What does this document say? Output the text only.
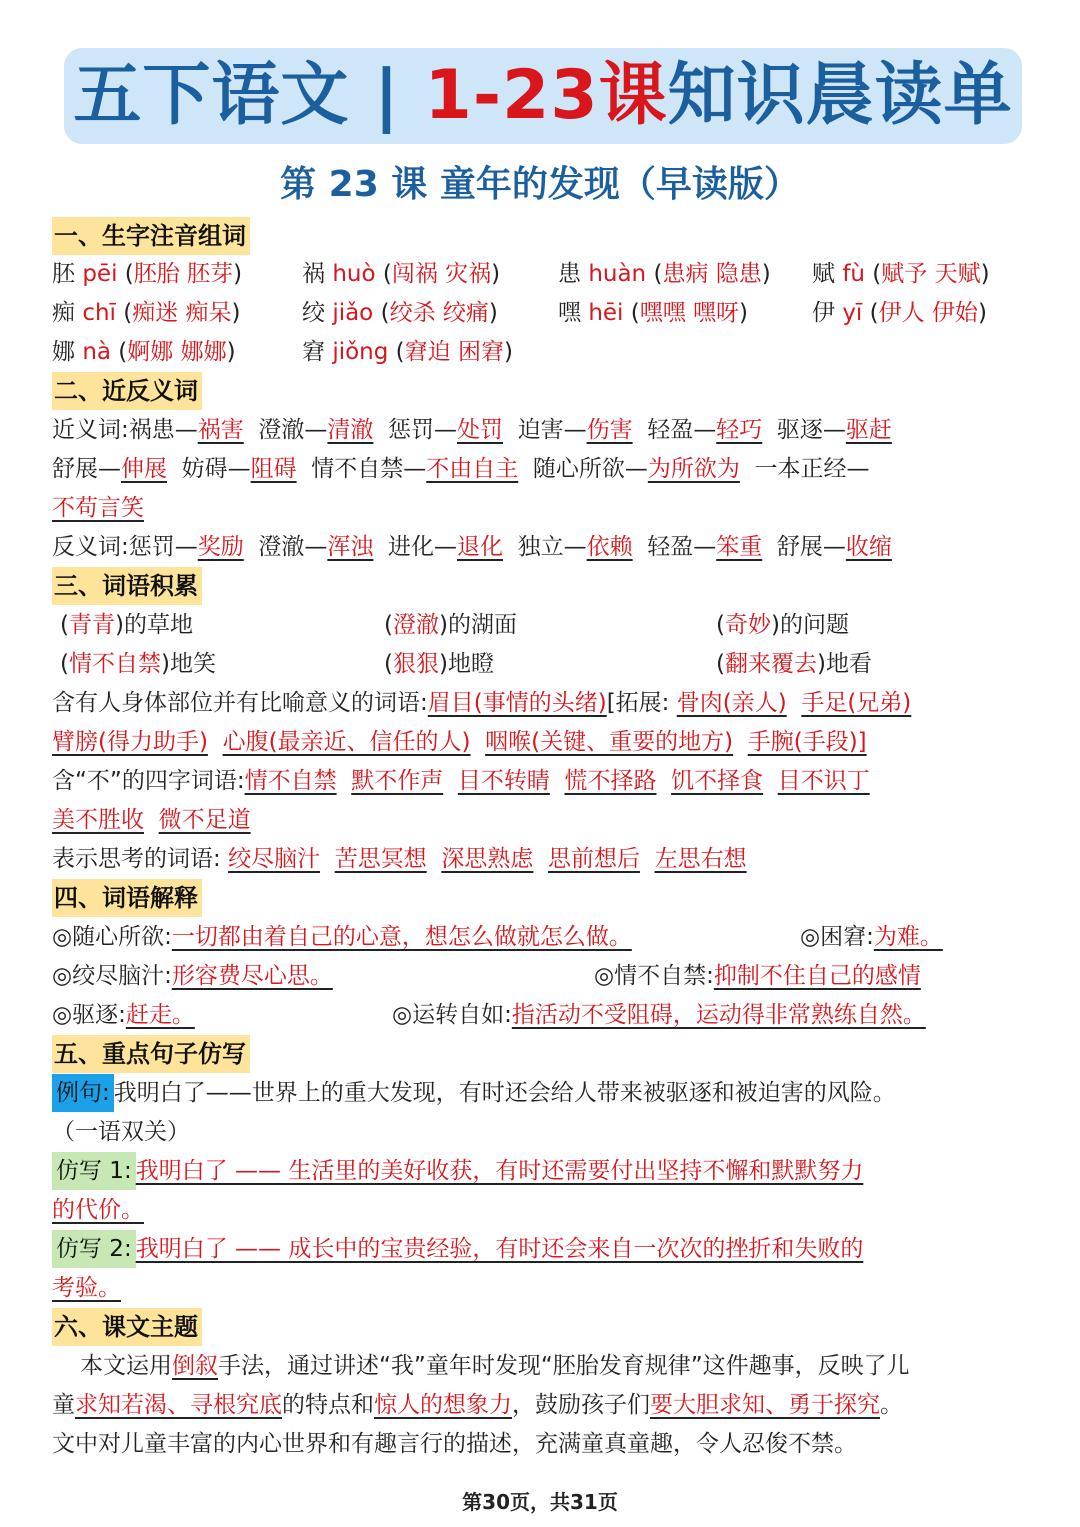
五下语文 | 1-23课知识晨读单
第 23 课 童年的发现（早读版）
一、生字注音组词
胚 pēi (胚胎 胚芽)	祸 huò (闯祸 灾祸)	患 huàn (患病 隐患) 赋 fù (赋予 天赋)
痴 chī (痴迷 痴呆)	绞 jiǎo (绞杀 绞痛)	嘿 hēi (嘿嘿 嘿呀)	伊 yī (伊人 伊始)
娜 nà (婀娜 娜娜)	窘 jiǒng (窘迫 困窘)
二、近反义词
近义词:祸患—祸害 澄澈—清澈 惩罚—处罚 迫害—伤害 轻盈—轻巧 驱逐—驱赶
舒展—伸展 妨碍—阻碍 情不自禁—不由自主 随心所欲—为所欲为 一本正经—
不苟言笑
反义词:惩罚—奖励 澄澈—浑浊 进化—退化 独立—依赖 轻盈—笨重 舒展—收缩
三、词语积累
(青青)的草地	(澄澈)的湖面	(奇妙)的问题
(情不自禁)地笑	(狠狠)地瞪	(翻来覆去)地看
含有人身体部位并有比喻意义的词语:眉目(事情的头绪)[拓展: 骨肉(亲人) 手足(兄弟)
臂膀(得力助手) 心腹(最亲近、信任的人) 咽喉(关键、重要的地方) 手腕(手段)]
含“不”的四字词语:情不自禁 默不作声 目不转睛 慌不择路 饥不择食 目不识丁
美不胜收 微不足道
表示思考的词语: 绞尽脑汁 苦思冥想 深思熟虑 思前想后 左思右想
四、词语解释
◎随心所欲:一切都由着自己的心意，想怎么做就怎么做。	◎困窘:为难。
◎绞尽脑汁:形容费尽心思。	◎情不自禁:抑制不住自己的感情
◎驱逐:赶走。	◎运转自如:指活动不受阻碍，运动得非常熟练自然。
五、重点句子仿写
例句: 我明白了——世界上的重大发现，有时还会给人带来被驱逐和被迫害的风险。
（一语双关）
仿写 1: 我明白了 —— 生活里的美好收获，有时还需要付出坚持不懈和默默努力
的代价。
仿写 2: 我明白了 —— 成长中的宝贵经验，有时还会来自一次次的挫折和失败的
考验。
六、课文主题
本文运用倒叙手法，通过讲述“我”童年时发现“胚胎发育规律”这件趣事，反映了儿
童求知若渴、寻根究底的特点和惊人的想象力，鼓励孩子们要大胆求知、勇于探究。
文中对儿童丰富的内心世界和有趣言行的描述，充满童真童趣，令人忍俊不禁。
第30页，共31页
